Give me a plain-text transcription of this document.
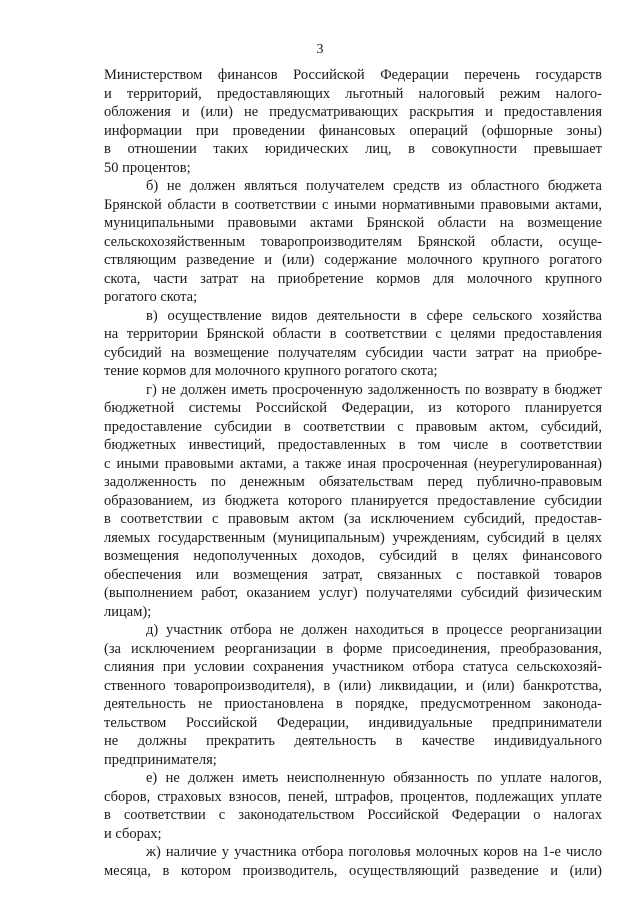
3
Министерством финансов Российской Федерации перечень государств
и территорий, предоставляющих льготный налоговый режим налого-
обложения и (или) не предусматривающих раскрытия и предоставления
информации при проведении финансовых операций (офшорные зоны)
в отношении таких юридических лиц, в совокупности превышает
50 процентов;
б) не должен являться получателем средств из областного бюджета
Брянской области в соответствии с иными нормативными правовыми актами,
муниципальными правовыми актами Брянской области на возмещение
сельскохозяйственным товаропроизводителям Брянской области, осуще-
ствляющим разведение и (или) содержание молочного крупного рогатого
скота, части затрат на приобретение кормов для молочного крупного
рогатого скота;
в) осуществление видов деятельности в сфере сельского хозяйства
на территории Брянской области в соответствии с целями предоставления
субсидий на возмещение получателям субсидии части затрат на приобре-
тение кормов для молочного крупного рогатого скота;
г) не должен иметь просроченную задолженность по возврату в бюджет
бюджетной системы Российской Федерации, из которого планируется
предоставление субсидии в соответствии с правовым актом, субсидий,
бюджетных инвестиций, предоставленных в том числе в соответствии
с иными правовыми актами, а также иная просроченная (неурегулированная)
задолженность по денежным обязательствам перед публично-правовым
образованием, из бюджета которого планируется предоставление субсидии
в соответствии с правовым актом (за исключением субсидий, предостав-
ляемых государственным (муниципальным) учреждениям, субсидий в целях
возмещения недополученных доходов, субсидий в целях финансового
обеспечения или возмещения затрат, связанных с поставкой товаров
(выполнением работ, оказанием услуг) получателями субсидий физическим
лицам);
д) участник отбора не должен находиться в процессе реорганизации
(за исключением реорганизации в форме присоединения, преобразования,
слияния при условии сохранения участником отбора статуса сельскохозяй-
ственного товаропроизводителя), в (или) ликвидации, и (или) банкротства,
деятельность не приостановлена в порядке, предусмотренном законода-
тельством Российской Федерации, индивидуальные предприниматели
не должны прекратить деятельность в качестве индивидуального
предпринимателя;
е) не должен иметь неисполненную обязанность по уплате налогов,
сборов, страховых взносов, пеней, штрафов, процентов, подлежащих уплате
в соответствии с законодательством Российской Федерации о налогах
и сборах;
ж) наличие у участника отбора поголовья молочных коров на 1-е число
месяца, в котором производитель, осуществляющий разведение и (или)
